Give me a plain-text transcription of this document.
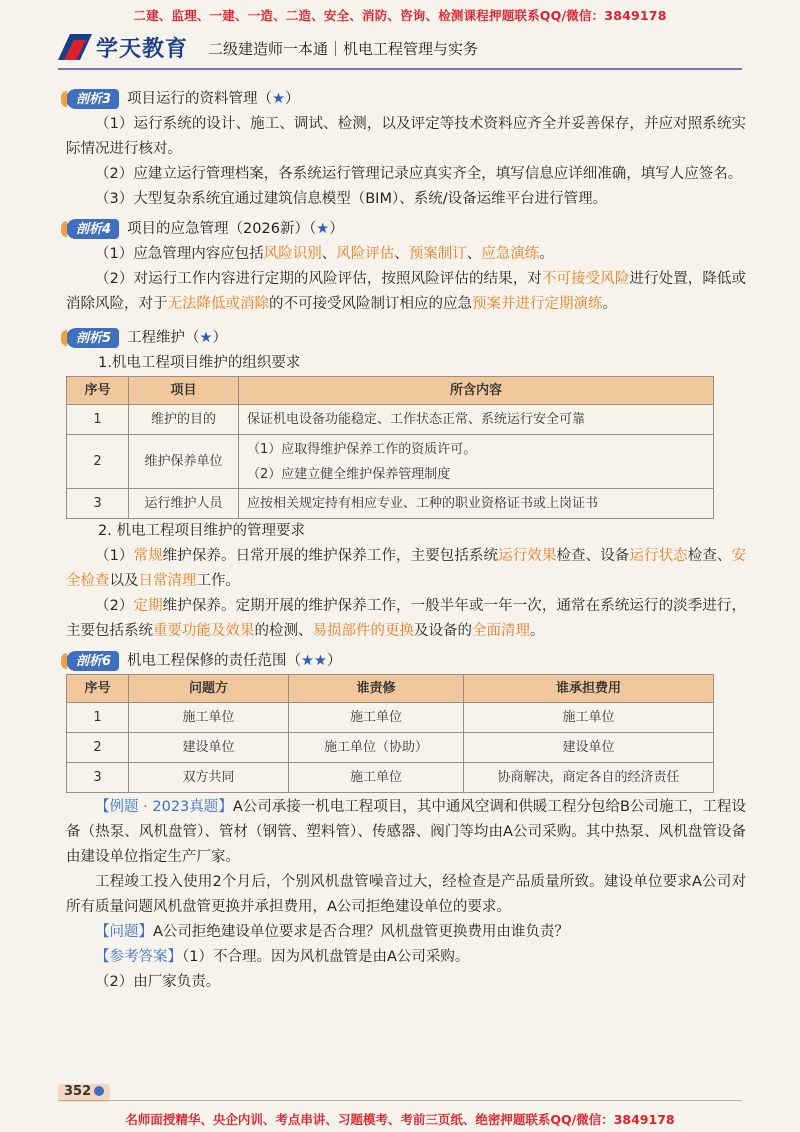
二建、监理、一建、一造、二造、安全、消防、咨询、检测课程押题联系QQ/微信：3849178
学天教育 二级建造师一本通｜机电工程管理与实务
剖析3	项目运行的资料管理（★）

（1）运行系统的设计、施工、调试、检测，以及评定等技术资料应齐全并妥善保存，并应对照系统实际情况进行核对。

（2）应建立运行管理档案，各系统运行管理记录应真实齐全，填写信息应详细准确，填写人应签名。

（3）大型复杂系统宜通过建筑信息模型（BIM）、系统/设备运维平台进行管理。

剖析4	项目的应急管理（2026新）（★）

（1）应急管理内容应包括风险识别、风险评估、预案制订、应急演练。

（2）对运行工作内容进行定期的风险评估，按照风险评估的结果，对不可接受风险进行处置，降低或消除风险，对于无法降低或消除的不可接受风险制订相应的应急预案并进行定期演练。

剖析5	工程维护（★）

1.机电工程项目维护的组织要求

序号	项目	所含内容
1	维护的目的	保证机电设备功能稳定、工作状态正常、系统运行安全可靠
2	维护保养单位	（1）应取得维护保养工作的资质许可。
（2）应建立健全维护保养管理制度

3	运行维护人员	应按相关规定持有相应专业、工种的职业资格证书或上岗证书

2. 机电工程项目维护的管理要求

（1）常规维护保养。日常开展的维护保养工作，主要包括系统运行效果检查、设备运行状态检查、安全检查以及日常清理工作。

（2）定期维护保养。定期开展的维护保养工作，一般半年或一年一次，通常在系统运行的淡季进行，主要包括系统重要功能及效果的检测、易损部件的更换及设备的全面清理。

剖析6	机电工程保修的责任范围（★★）
序号	问题方	谁责修	谁承担费用
1	施工单位	施工单位	施工单位
2	建设单位	施工单位（协助）	建设单位
3	双方共同	施工单位	协商解决，商定各自的经济责任

【例题 · 2023真题】A公司承接一机电工程项目，其中通风空调和供暖工程分包给B公司施工，工程设备（热泵、风机盘管）、管材（钢管、塑料管）、传感器、阀门等均由A公司采购。其中热泵、风机盘管设备由建设单位指定生产厂家。

工程竣工投入使用2个月后，个别风机盘管噪音过大，经检查是产品质量所致。建设单位要求A公司对所有质量问题风机盘管更换并承担费用，A公司拒绝建设单位的要求。

【问题】A公司拒绝建设单位要求是否合理？风机盘管更换费用由谁负责？

【参考答案】（1）不合理。因为风机盘管是由A公司采购。

（2）由厂家负责。

352
名师面授精华、央企内训、考点串讲、习题模考、考前三页纸、绝密押题联系QQ/微信：3849178
